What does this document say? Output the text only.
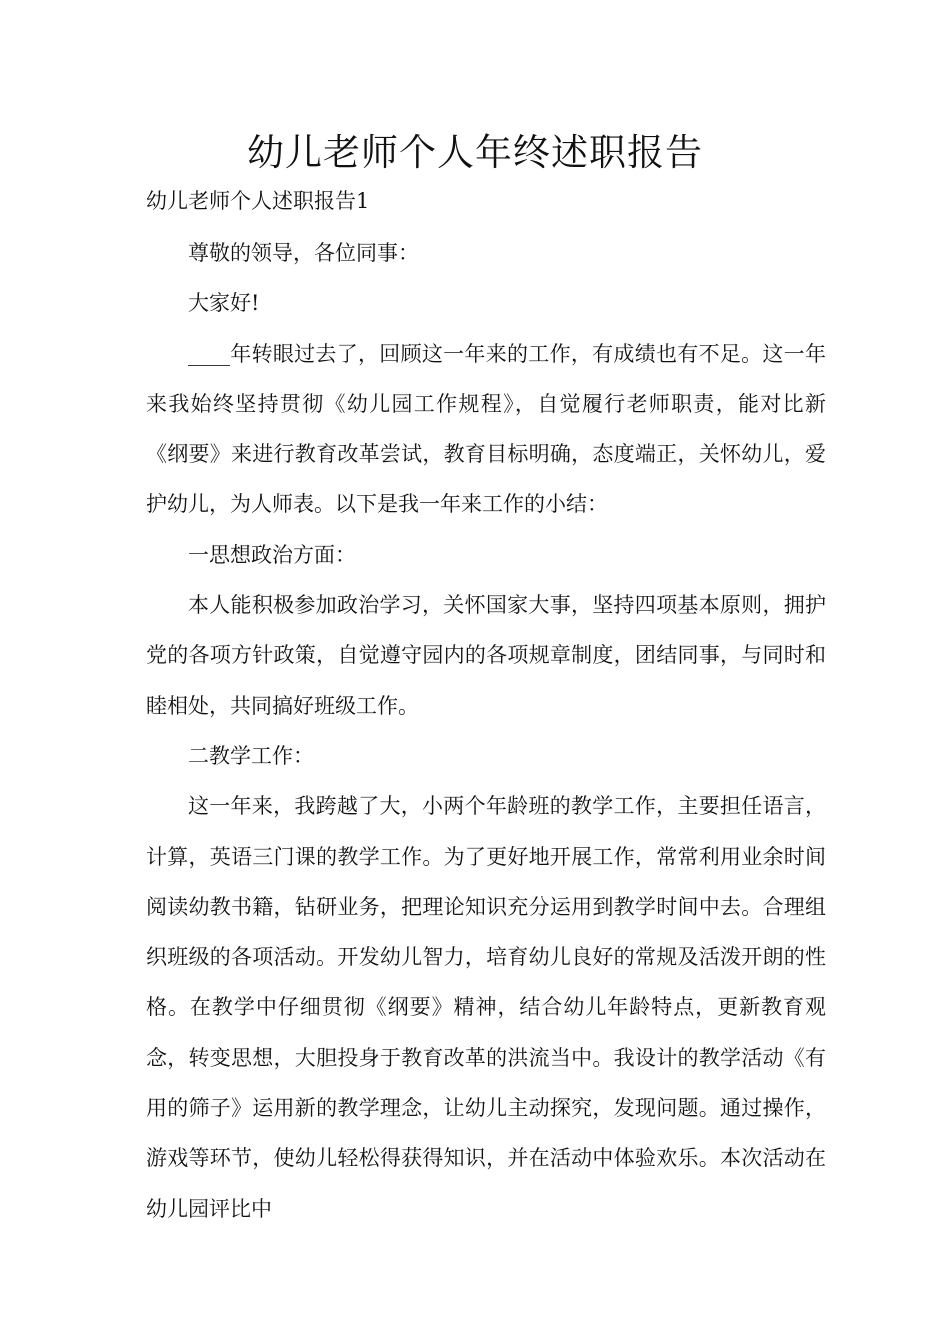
幼儿老师个人年终述职报告
幼儿老师个人述职报告1

尊敬的领导，各位同事：

大家好!

____年转眼过去了，回顾这一年来的工作，有成绩也有不足。这一年来我始终坚持贯彻《幼儿园工作规程》，自觉履行老师职责，能对比新《纲要》来进行教育改革尝试，教育目标明确，态度端正，关怀幼儿，爱护幼儿，为人师表。以下是我一年来工作的小结：

一思想政治方面：

本人能积极参加政治学习，关怀国家大事，坚持四项基本原则，拥护党的各项方针政策，自觉遵守园内的各项规章制度，团结同事，与同时和睦相处，共同搞好班级工作。

二教学工作：

这一年来，我跨越了大，小两个年龄班的教学工作，主要担任语言，计算，英语三门课的教学工作。为了更好地开展工作，常常利用业余时间阅读幼教书籍，钻研业务，把理论知识充分运用到教学时间中去。合理组织班级的各项活动。开发幼儿智力，培育幼儿良好的常规及活泼开朗的性格。在教学中仔细贯彻《纲要》精神，结合幼儿年龄特点，更新教育观念，转变思想，大胆投身于教育改革的洪流当中。我设计的教学活动《有用的筛子》运用新的教学理念，让幼儿主动探究，发现问题。通过操作，游戏等环节，使幼儿轻松得获得知识，并在活动中体验欢乐。本次活动在幼儿园评比中
